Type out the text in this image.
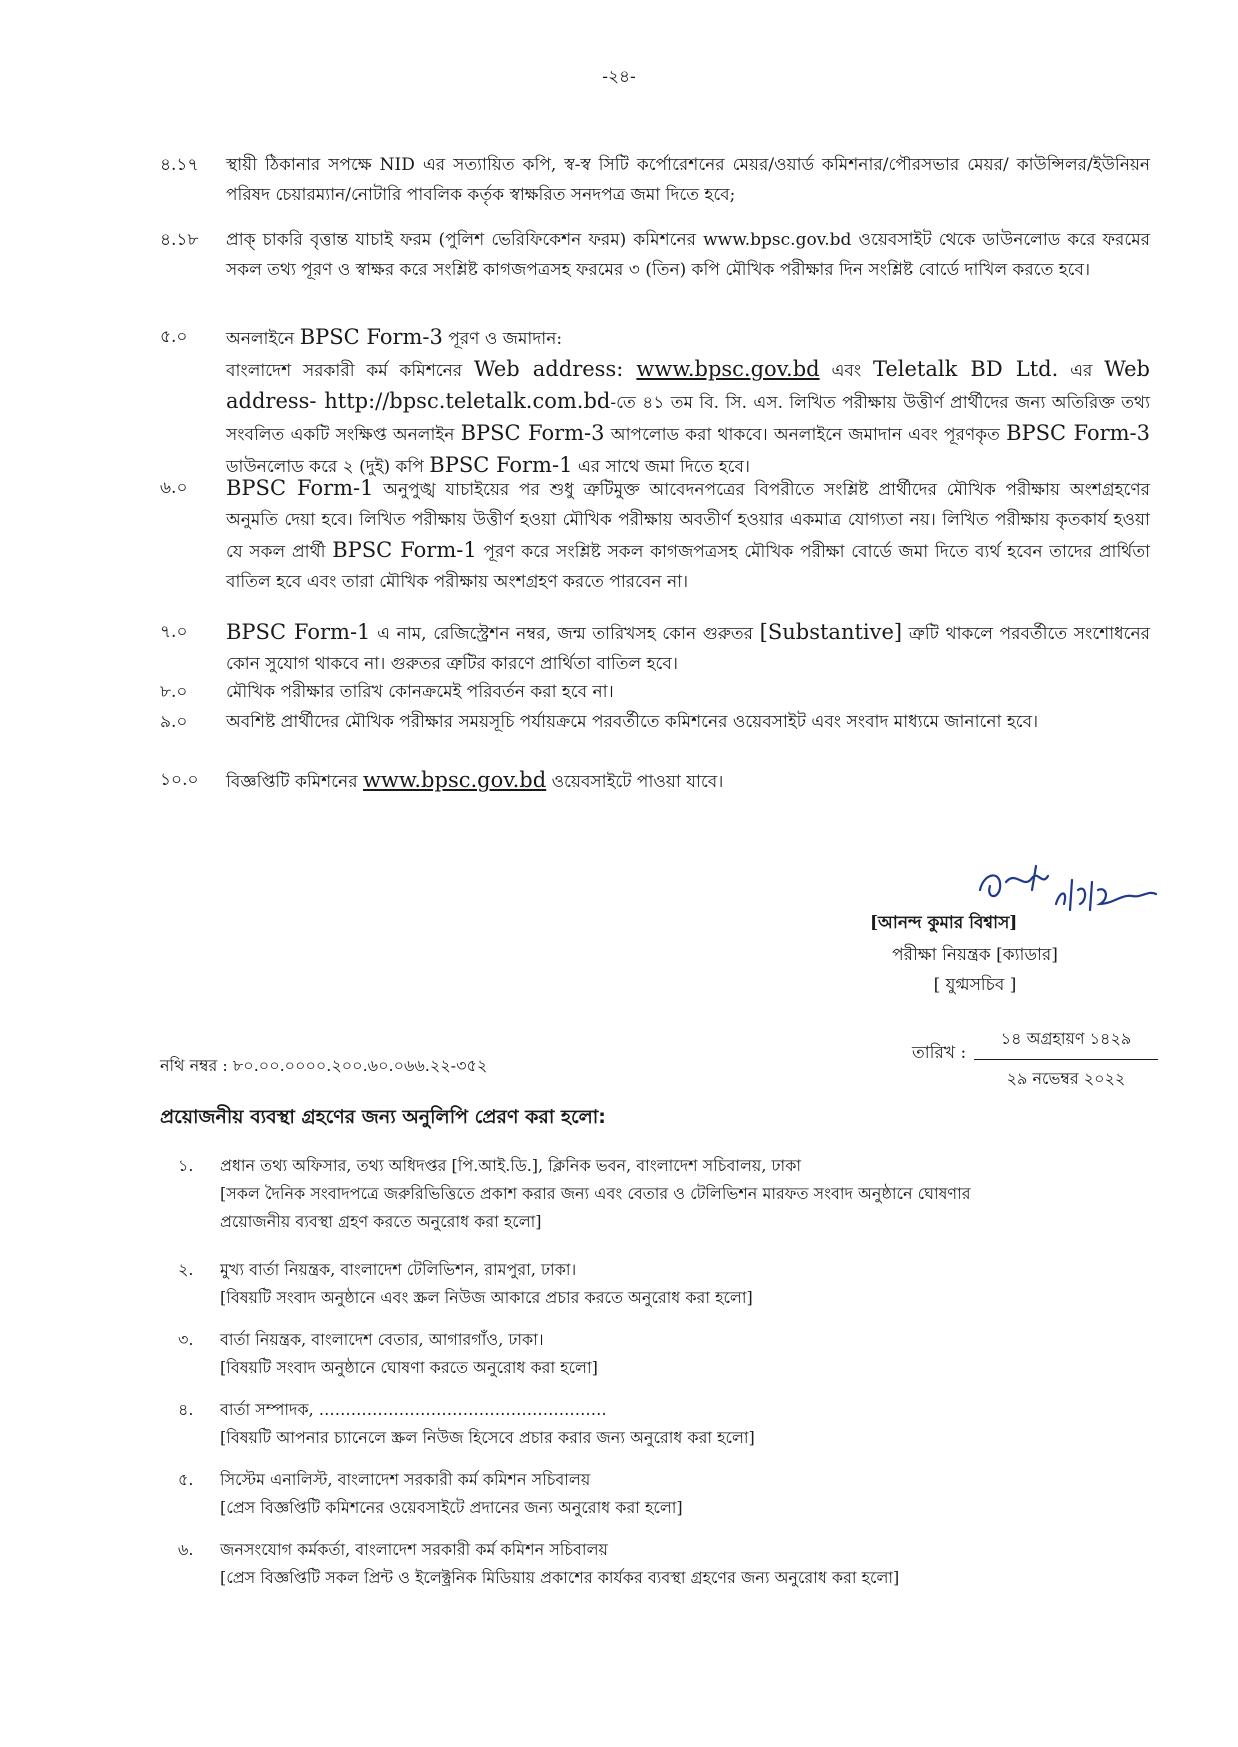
-২৪-
৪.১৭	স্থায়ী ঠিকানার সপক্ষে NID এর সত্যায়িত কপি, স্ব-স্ব সিটি কর্পোরেশনের মেয়র/ওয়ার্ড কমিশনার/পৌরসভার মেয়র/ কাউন্সিলর/ইউনিয়ন পরিষদ চেয়ারম্যান/নোটারি পাবলিক কর্তৃক স্বাক্ষরিত সনদপত্র জমা দিতে হবে;
৪.১৮	প্রাক্ চাকরি বৃত্তান্ত যাচাই ফরম (পুলিশ ভেরিফিকেশন ফরম) কমিশনের www.bpsc.gov.bd ওয়েবসাইট থেকে ডাউনলোড করে ফরমের সকল তথ্য পূরণ ও স্বাক্ষর করে সংশ্লিষ্ট কাগজপত্রসহ ফরমের ৩ (তিন) কপি মৌখিক পরীক্ষার দিন সংশ্লিষ্ট বোর্ডে দাখিল করতে হবে।
৫.০	অনলাইনে BPSC Form-3 পূরণ ও জমাদান:
বাংলাদেশ সরকারী কর্ম কমিশনের Web address: www.bpsc.gov.bd এবং Teletalk BD Ltd. এর Web address- http://bpsc.teletalk.com.bd-তে ৪১ তম বি. সি. এস. লিখিত পরীক্ষায় উত্তীর্ণ প্রার্থীদের জন্য অতিরিক্ত তথ্য সংবলিত একটি সংক্ষিপ্ত অনলাইন BPSC Form-3 আপলোড করা থাকবে। অনলাইনে জমাদান এবং পূরণকৃত BPSC Form-3 ডাউনলোড করে ২ (দুই) কপি BPSC Form-1 এর সাথে জমা দিতে হবে।
৬.০	BPSC Form-1 অনুপুঙ্খ যাচাইয়ের পর শুধু ত্রুটিমুক্ত আবেদনপত্রের বিপরীতে সংশ্লিষ্ট প্রার্থীদের মৌখিক পরীক্ষায় অংশগ্রহণের অনুমতি দেয়া হবে। লিখিত পরীক্ষায় উত্তীর্ণ হওয়া মৌখিক পরীক্ষায় অবতীর্ণ হওয়ার একমাত্র যোগ্যতা নয়। লিখিত পরীক্ষায় কৃতকার্য হওয়া যে সকল প্রার্থী BPSC Form-1 পূরণ করে সংশ্লিষ্ট সকল কাগজপত্রসহ মৌখিক পরীক্ষা বোর্ডে জমা দিতে ব্যর্থ হবেন তাদের প্রার্থিতা বাতিল হবে এবং তারা মৌখিক পরীক্ষায় অংশগ্রহণ করতে পারবেন না।
৭.০	BPSC Form-1 এ নাম, রেজিস্ট্রেশন নম্বর, জন্ম তারিখসহ কোন গুরুতর [Substantive] ত্রুটি থাকলে পরবর্তীতে সংশোধনের কোন সুযোগ থাকবে না। গুরুতর ত্রুটির কারণে প্রার্থিতা বাতিল হবে।
৮.০	মৌখিক পরীক্ষার তারিখ কোনক্রমেই পরিবর্তন করা হবে না।
৯.০	অবশিষ্ট প্রার্থীদের মৌখিক পরীক্ষার সময়সূচি পর্যায়ক্রমে পরবর্তীতে কমিশনের ওয়েবসাইট এবং সংবাদ মাধ্যমে জানানো হবে।
১০.০	বিজ্ঞপ্তিটি কমিশনের www.bpsc.gov.bd ওয়েবসাইটে পাওয়া যাবে।
[আনন্দ কুমার বিশ্বাস]
পরীক্ষা নিয়ন্ত্রক [ক্যাডার]
[ যুগ্মসচিব ]
নথি নম্বর : ৮০.০০.০০০০.২০০.৬০.০৬৬.২২-৩৫২
তারিখ :
১৪ অগ্রহায়ণ ১৪২৯
২৯ নভেম্বর ২০২২
প্রয়োজনীয় ব্যবস্থা গ্রহণের জন্য অনুলিপি প্রেরণ করা হলো:
১.	প্রধান তথ্য অফিসার, তথ্য অধিদপ্তর [পি.আই.ডি.], ক্লিনিক ভবন, বাংলাদেশ সচিবালয়, ঢাকা
[সকল দৈনিক সংবাদপত্রে জরুরিভিত্তিতে প্রকাশ করার জন্য এবং বেতার ও টেলিভিশন মারফত সংবাদ অনুষ্ঠানে ঘোষণার প্রয়োজনীয় ব্যবস্থা গ্রহণ করতে অনুরোধ করা হলো]
২.	মুখ্য বার্তা নিয়ন্ত্রক, বাংলাদেশ টেলিভিশন, রামপুরা, ঢাকা।
[বিষয়টি সংবাদ অনুষ্ঠানে এবং স্ক্রল নিউজ আকারে প্রচার করতে অনুরোধ করা হলো]
৩.	বার্তা নিয়ন্ত্রক, বাংলাদেশ বেতার, আগারগাঁও, ঢাকা।
[বিষয়টি সংবাদ অনুষ্ঠানে ঘোষণা করতে অনুরোধ করা হলো]
৪.	বার্তা সম্পাদক, ………………………………………………
[বিষয়টি আপনার চ্যানেলে স্ক্রল নিউজ হিসেবে প্রচার করার জন্য অনুরোধ করা হলো]
৫.	সিস্টেম এনালিস্ট, বাংলাদেশ সরকারী কর্ম কমিশন সচিবালয়
[প্রেস বিজ্ঞপ্তিটি কমিশনের ওয়েবসাইটে প্রদানের জন্য অনুরোধ করা হলো]
৬.	জনসংযোগ কর্মকর্তা, বাংলাদেশ সরকারী কর্ম কমিশন সচিবালয়
[প্রেস বিজ্ঞপ্তিটি সকল প্রিন্ট ও ইলেক্ট্রনিক মিডিয়ায় প্রকাশের কার্যকর ব্যবস্থা গ্রহণের জন্য অনুরোধ করা হলো]
